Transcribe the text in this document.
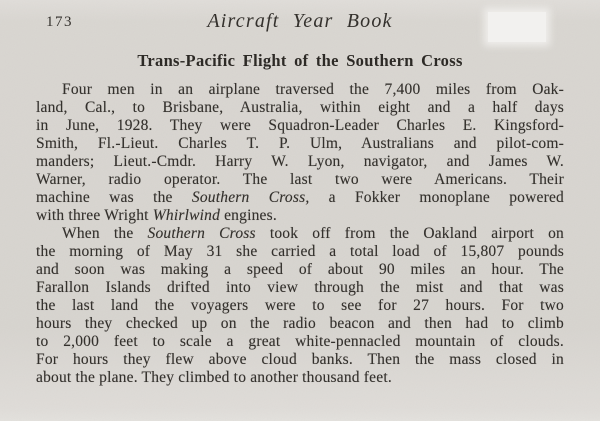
173	Aircraft Year Book
Trans-Pacific Flight of the Southern Cross
Four men in an airplane traversed the 7,400 miles from Oak-
land, Cal., to Brisbane, Australia, within eight and a half days
in June, 1928. They were Squadron-Leader Charles E. Kingsford-
Smith, Fl.-Lieut. Charles T. P. Ulm, Australians and pilot-com-
manders; Lieut.-Cmdr. Harry W. Lyon, navigator, and James W.
Warner, radio operator. The last two were Americans. Their
machine was the Southern Cross, a Fokker monoplane powered
with three Wright Whirlwind engines.
When the Southern Cross took off from the Oakland airport on
the morning of May 31 she carried a total load of 15,807 pounds
and soon was making a speed of about 90 miles an hour. The
Farallon Islands drifted into view through the mist and that was
the last land the voyagers were to see for 27 hours. For two
hours they checked up on the radio beacon and then had to climb
to 2,000 feet to scale a great white-pennacled mountain of clouds.
For hours they flew above cloud banks. Then the mass closed in
about the plane. They climbed to another thousand feet.
